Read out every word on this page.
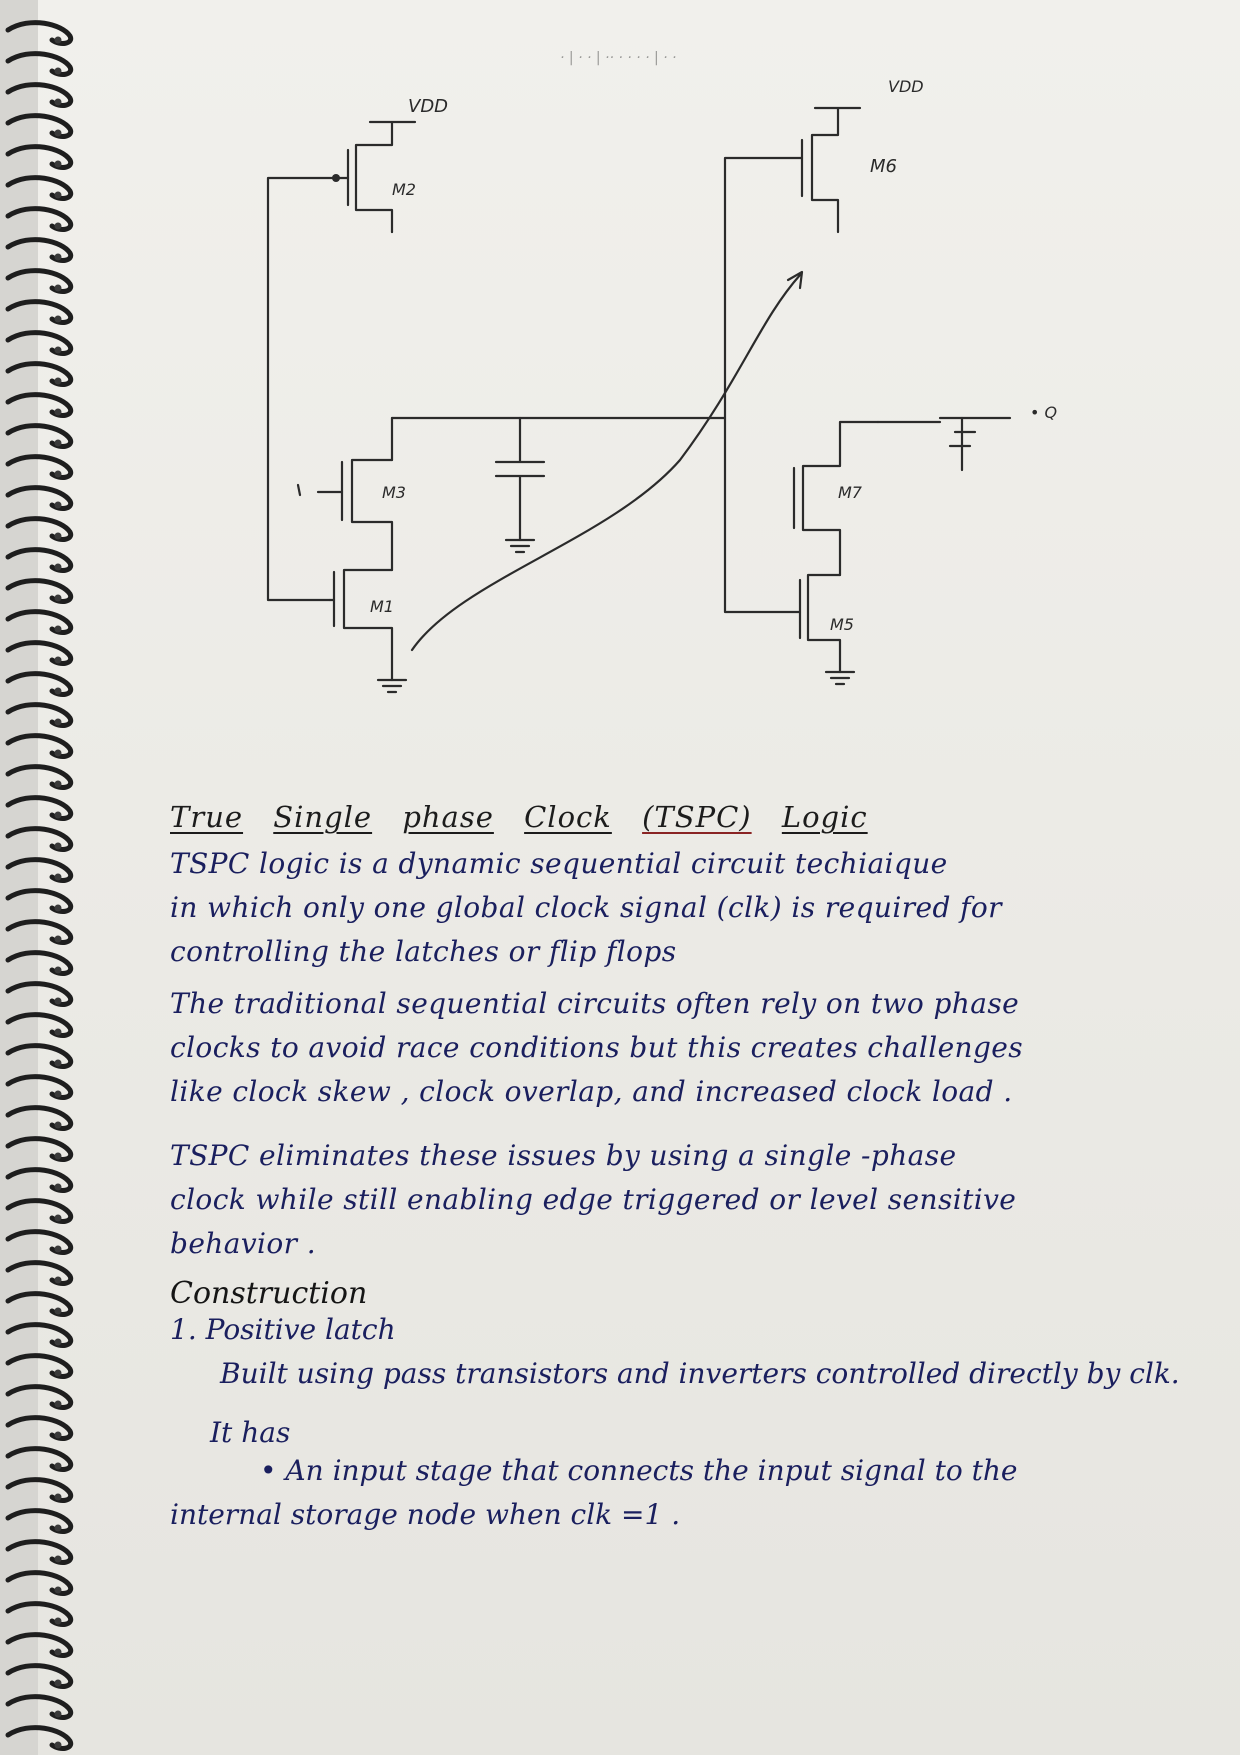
· | · · | ·· · · · · | · ·
VDD
M2
M3
M1
VDD
M6
M7
• Q
M5
True Single phase Clock (TSPC) Logic

TSPC logic is a dynamic sequential circuit techiaique

in which only one global clock signal (clk) is required for

controlling the latches or flip flops

The traditional sequential circuits often rely on two phase

clocks to avoid race conditions but this creates challenges

like clock skew , clock overlap, and increased clock load .

TSPC eliminates these issues by using a single -phase

clock while still enabling edge triggered or level sensitive

behavior .

Construction
1. Positive latch
Built using pass transistors and inverters controlled directly by clk.
It has

• An input stage that connects the input signal to the

internal storage node when clk =1 .
